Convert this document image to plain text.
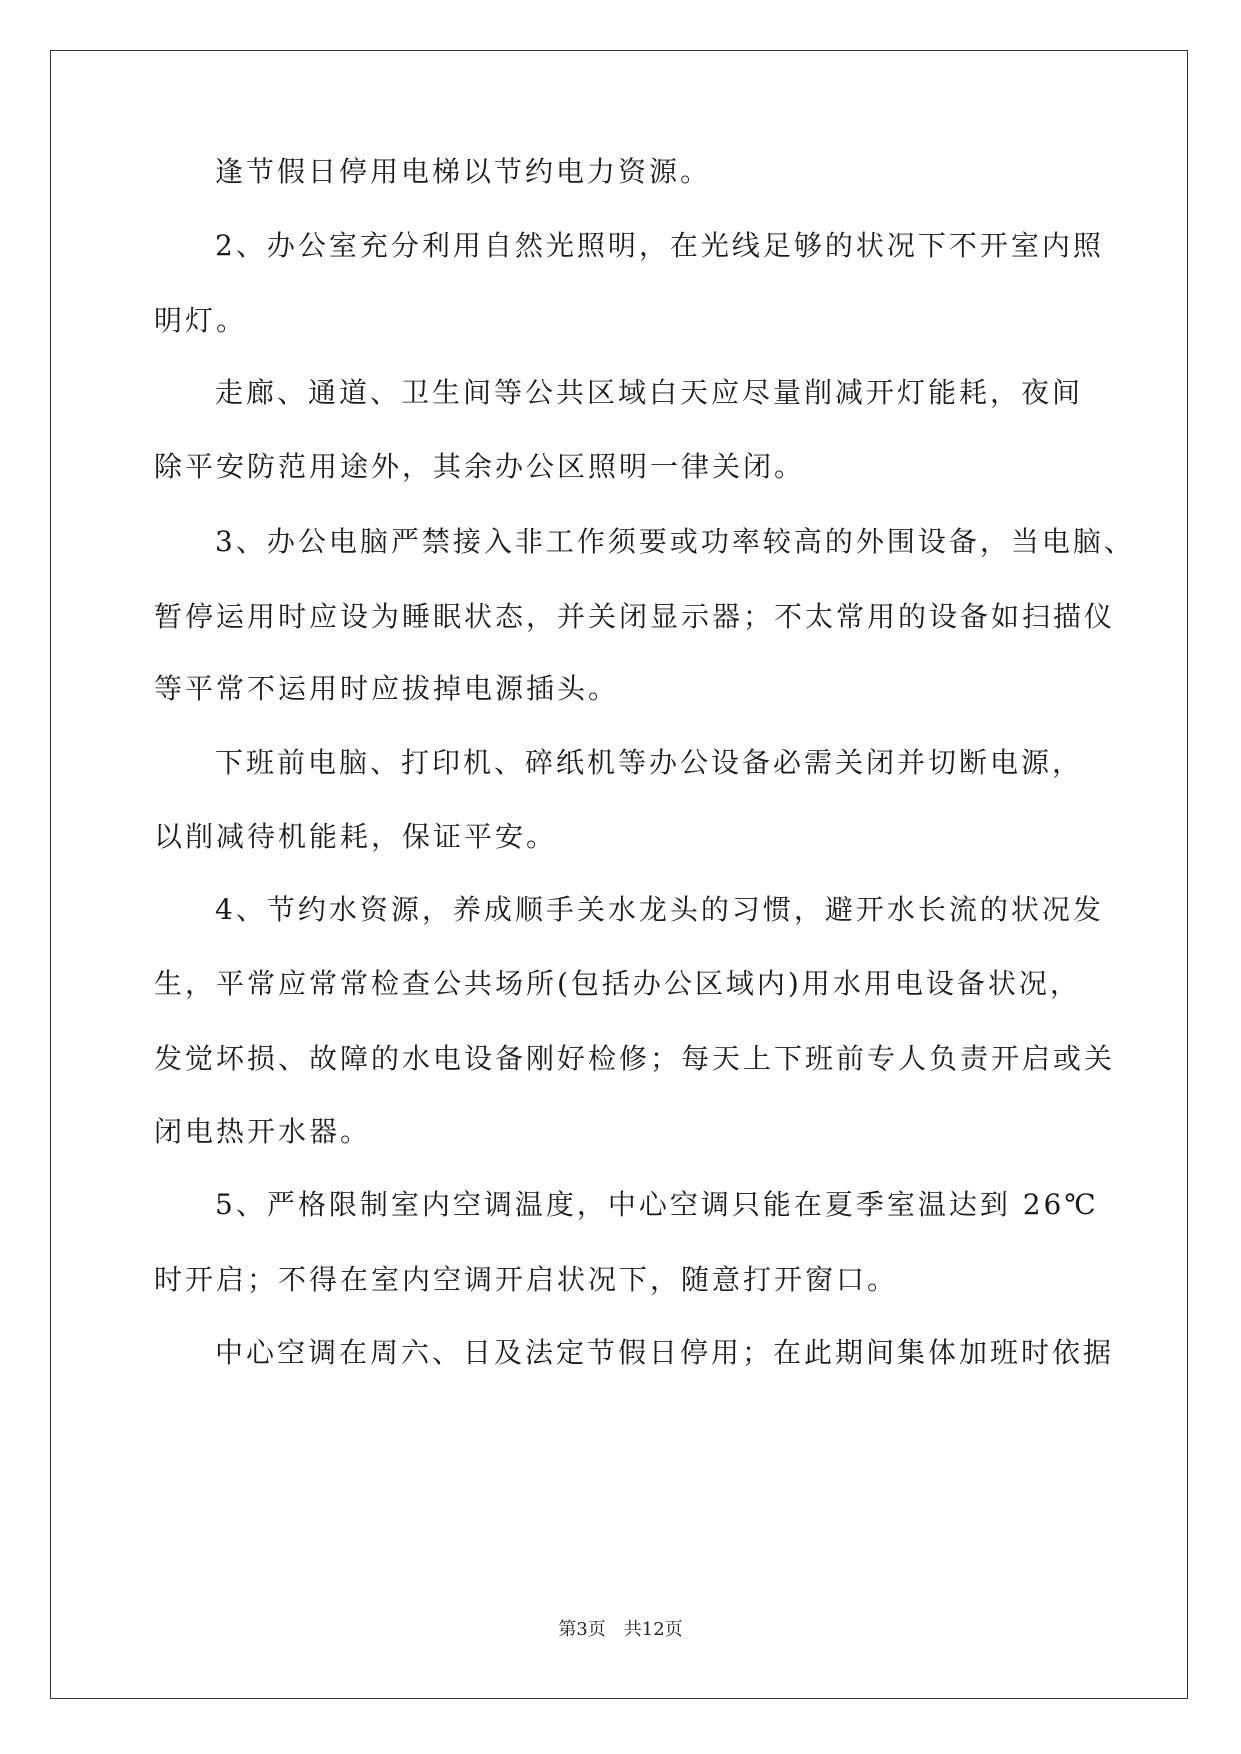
逢节假日停用电梯以节约电力资源。
2、办公室充分利用自然光照明，在光线足够的状况下不开室内照
明灯。
走廊、通道、卫生间等公共区域白天应尽量削减开灯能耗，夜间
除平安防范用途外，其余办公区照明一律关闭。
3、办公电脑严禁接入非工作须要或功率较高的外围设备，当电脑、
暂停运用时应设为睡眠状态，并关闭显示器；不太常用的设备如扫描仪
等平常不运用时应拔掉电源插头。
下班前电脑、打印机、碎纸机等办公设备必需关闭并切断电源，
以削减待机能耗，保证平安。
4、节约水资源，养成顺手关水龙头的习惯，避开水长流的状况发
生，平常应常常检查公共场所(包括办公区域内)用水用电设备状况，
发觉坏损、故障的水电设备刚好检修；每天上下班前专人负责开启或关
闭电热开水器。
5、严格限制室内空调温度，中心空调只能在夏季室温达到 26℃
时开启；不得在室内空调开启状况下，随意打开窗口。
中心空调在周六、日及法定节假日停用；在此期间集体加班时依据
第3页　共12页
